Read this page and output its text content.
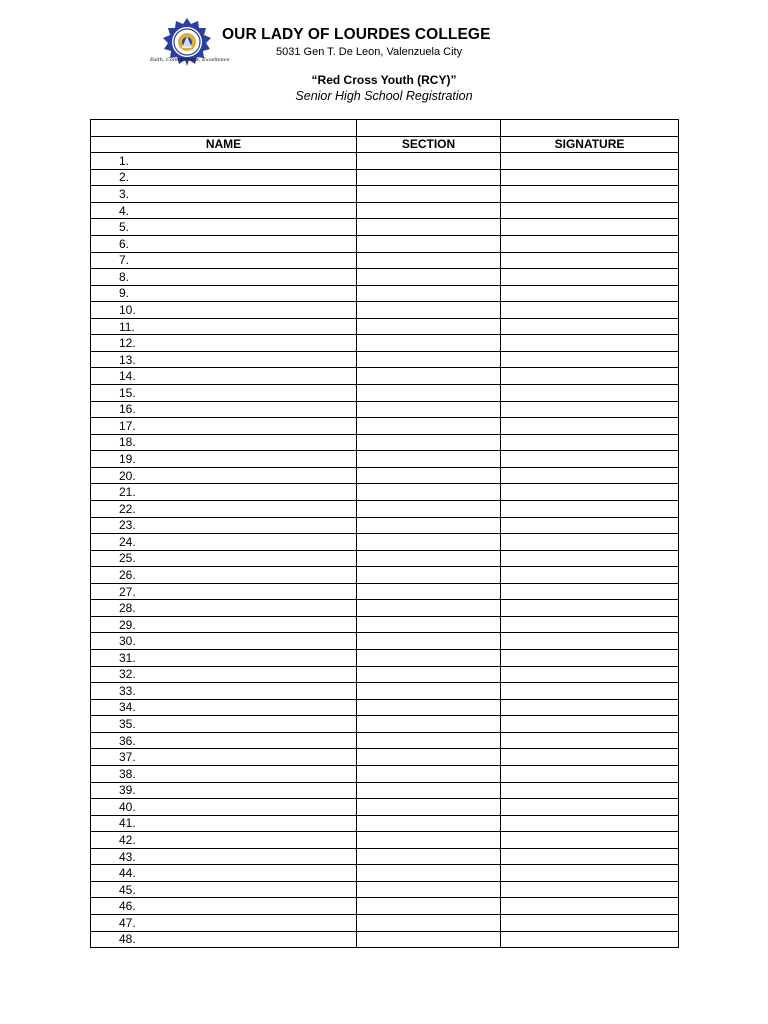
Faith, Commitment, Excellence
OUR LADY OF LOURDES COLLEGE
5031 Gen T. De Leon, Valenzuela City
“Red Cross Youth (RCY)”
Senior High School Registration

NAME	SECTION	SIGNATURE
1.		
2.		
3.		
4.		
5.		
6.		
7.		
8.		
9.		
10.		
11.		
12.		
13.		
14.		
15.		
16.		
17.		
18.		
19.		
20.		
21.		
22.		
23.		
24.		
25.		
26.		
27.		
28.		
29.		
30.		
31.		
32.		
33.		
34.		
35.		
36.		
37.		
38.		
39.		
40.		
41.		
42.		
43.		
44.		
45.		
46.		
47.		
48.		
